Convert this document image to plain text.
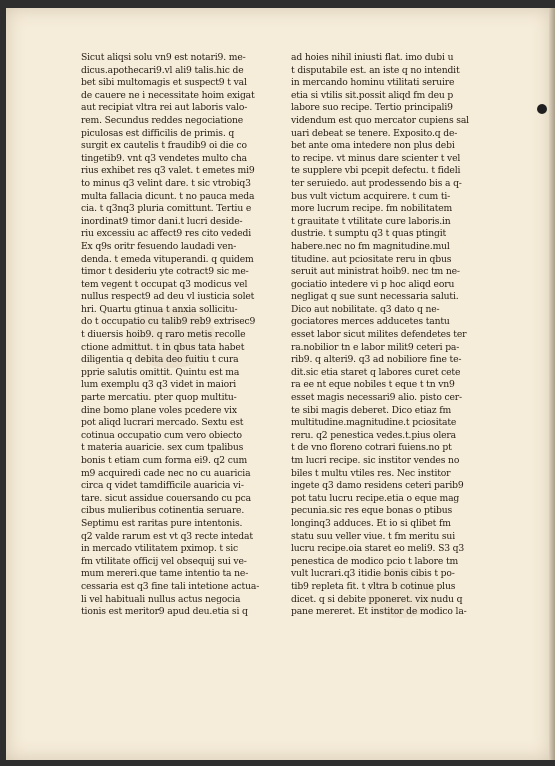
Sicut aliqsi solu vn9 est notari9. me-
dicus.apothecari9.vl ali9 talis.hic de
bet sibi multomagis et suspect9 t val
de cauere ne i necessitate hoim exigat
aut recipiat vltra rei aut laboris valo-
rem. Secundus reddes negociatione
piculosas est difficilis de primis. q
surgit ex cautelis t fraudib9 oi die co
tingetib9. vnt q3 vendetes multo cha
rius exhibet res q3 valet. t emetes mi9
to minus q3 velint dare. t sic vtrobiq3
multa fallacia dicunt. t no pauca meda
cia. t q3nq3 pluria comittunt. Tertiu e
inordinat9 timor dani.t lucri deside-
riu excessiu ac affect9 res cito vededi
Ex q9s oritr fesuendo laudadi ven-
denda. t emeda vituperandi. q quidem
timor t desideriu yte cotract9 sic me-
tem vegent t occupat q3 modicus vel
nullus respect9 ad deu vl iusticia solet
hri. Quartu gtinua t anxia sollicitu-
do t occupatio cu talib9 reb9 extrisec9
t diuersis hoib9. q raro metis recolle
ctione admittut. t in qbus tata habet
diligentia q debita deo fuitiu t cura
pprie salutis omittit. Quintu est ma
lum exemplu q3 q3 videt in maiori
parte mercatiu. pter quop multitu-
dine bomo plane voles pcedere vix
pot aliqd lucrari mercado. Sextu est
cotinua occupatio cum vero obiecto
t materia auaricie. sex cum tpalibus
bonis t etiam cum forma ei9. q2 cum
m9 acquiredi cade nec no cu auaricia
circa q videt tamdifficile auaricia vi-
tare. sicut assidue couersando cu pca
cibus mulieribus cotinentia seruare.
Septimu est raritas pure intentonis.
q2 valde rarum est vt q3 recte intedat
in mercado vtilitatem pximop. t sic
fm vtilitate officij vel obsequij sui ve-
mum mereri.que tame intentio ta ne-
cessaria est q3 fine tali intetione actua-
li vel habituali nullus actus negocia
tionis est meritor9 apud deu.etia si q
ad hoies nihil iniusti flat. imo dubi u
t disputabile est. an iste q no intendit
in mercando hominu vtilitati seruire
etia si vtilis sit.possit aliqd fm deu p
labore suo recipe. Tertio principali9
videndum est quo mercator cupiens sal
uari debeat se tenere. Exposito.q de-
bet ante oma intedere non plus debi
to recipe. vt minus dare scienter t vel
te supplere vbi pcepit defectu. t fideli
ter seruiedo. aut prodessendo bis a q-
bus vult victum acquirere. t cum ti-
more lucrum recipe. fm nobilitatem
t grauitate t vtilitate cure laboris.in
dustrie. t sumptu q3 t quas ptingit
habere.nec no fm magnitudine.mul
titudine. aut pciositate reru in qbus
seruit aut ministrat hoib9. nec tm ne-
gociatio intedere vi p hoc aliqd eoru
negligat q sue sunt necessaria saluti.
Dico aut nobilitate. q3 dato q ne-
gociatores merces adducetes tantu
esset labor sicut milites defendetes ter
ra.nobilior tn e labor milit9 ceteri pa-
rib9. q alteri9. q3 ad nobiliore fine te-
dit.sic etia staret q labores curet cete
ra ee nt eque nobiles t eque t tn vn9
esset magis necessari9 alio. pisto cer-
te sibi magis deberet. Dico etiaz fm
multitudine.magnitudine.t pciositate
reru. q2 penestica vedes.t.pius olera
t de vno floreno cotrari fuiens.no pt
tm lucri recipe. sic institor vendes no
biles t multu vtiles res. Nec institor
ingete q3 damo residens ceteri parib9
pot tatu lucru recipe.etia o eque mag
pecunia.sic res eque bonas o ptibus
longinq3 adduces. Et io si qlibet fm
statu suu veller viue. t fm meritu sui
lucru recipe.oia staret eo meli9. S3 q3
penestica de modico pcio t labore tm
vult lucrari.q3 itidie bonis cibis t po-
tib9 repleta fit. t vltra b cotinue plus
dicet. q si debite pponeret. vix nudu q
pane mereret. Et institor de modico la-
